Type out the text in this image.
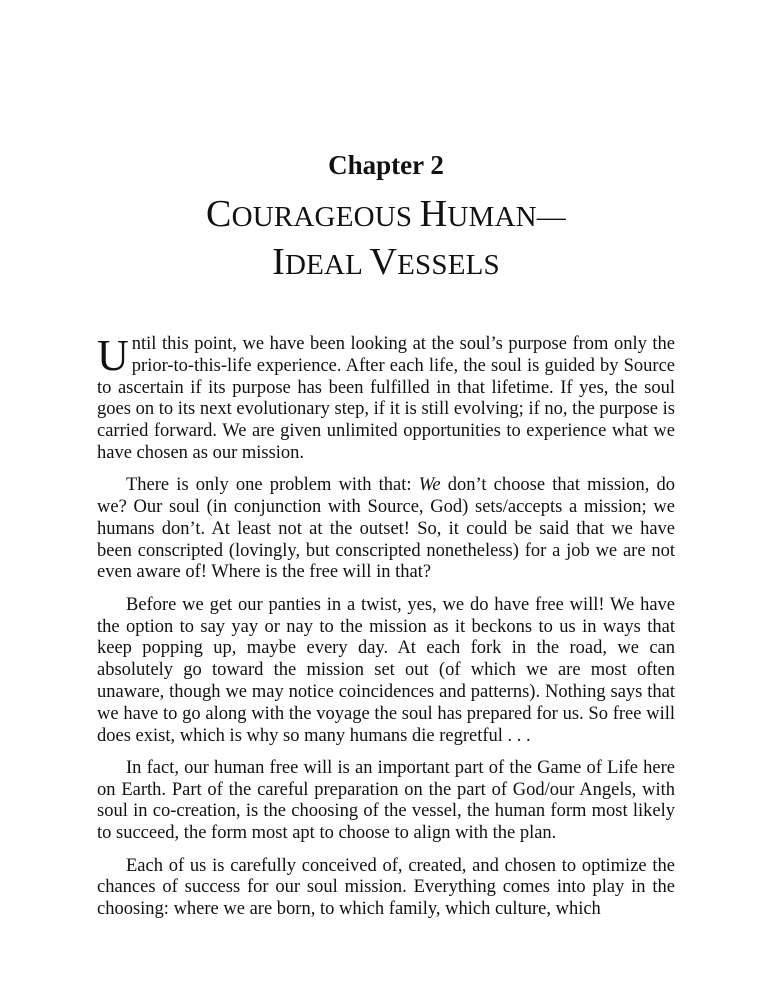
Chapter 2
COURAGEOUS HUMAN—
IDEAL VESSELS

Until this point, we have been looking at the soul’s purpose from only the prior-to-this-life experience. After each life, the soul is guided by Source to ascertain if its purpose has been fulfilled in that lifetime. If yes, the soul goes on to its next evolutionary step, if it is still evolving; if no, the purpose is carried forward. We are given unlimited opportunities to experience what we have chosen as our mission.

There is only one problem with that: We don’t choose that mission, do we? Our soul (in conjunction with Source, God) sets/accepts a mission; we humans don’t. At least not at the outset! So, it could be said that we have been conscripted (lovingly, but conscripted nonetheless) for a job we are not even aware of! Where is the free will in that?

Before we get our panties in a twist, yes, we do have free will! We have the option to say yay or nay to the mission as it beckons to us in ways that keep popping up, maybe every day. At each fork in the road, we can absolutely go toward the mission set out (of which we are most often unaware, though we may notice coincidences and patterns). Nothing says that we have to go along with the voyage the soul has prepared for us. So free will does exist, which is why so many humans die regretful . . .

In fact, our human free will is an important part of the Game of Life here on Earth. Part of the careful preparation on the part of God/our Angels, with soul in co-creation, is the choosing of the vessel, the human form most likely to succeed, the form most apt to choose to align with the plan.

Each of us is carefully conceived of, created, and chosen to optimize the chances of success for our soul mission. Everything comes into play in the choosing: where we are born, to which family, which culture, which
